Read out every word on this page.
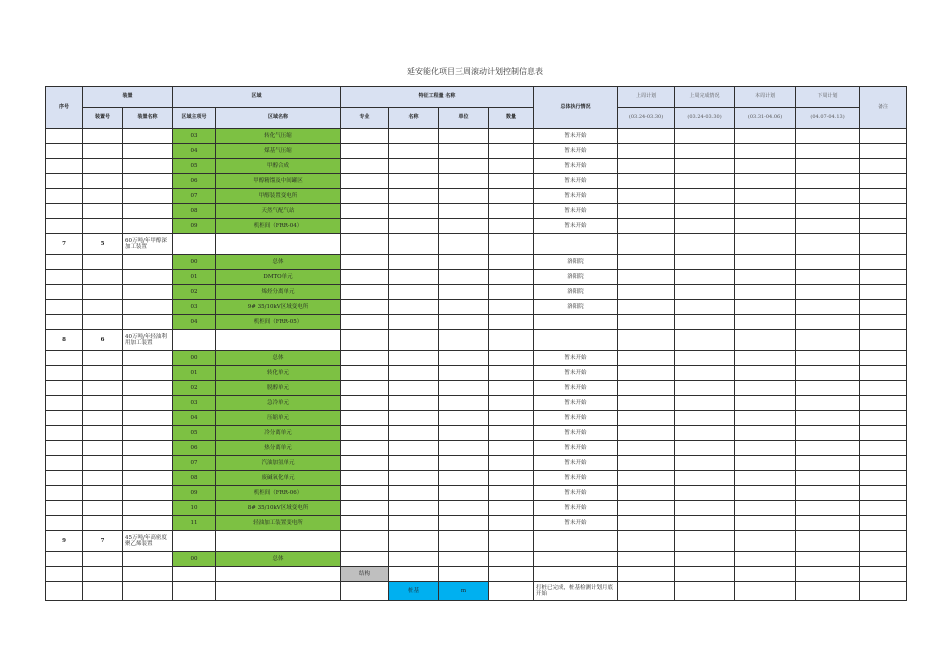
延安能化项目三周滚动计划控制信息表
序号	装置		区域		特征工程量 名称				总体执行情况	上周计划	上周完成情况	本周计划	下周计划	备注
	装置号	装置名称	区域主项号	区域名称	专业	名称	单位	数量		(03.24-03.30)	(03.24-03.30)	(03.31-04.06)	(04.07-04.13)	
			03	转化气压缩					暂未开始					
			04	煤基气压缩					暂未开始					
			05	甲醇合成					暂未开始					
			06	甲醇精馏及中间罐区					暂未开始					
			07	甲醇装置变电所					暂未开始					
			08	天然气配气站					暂未开始					
			09	机柜间（FRR-04）					暂未开始					
7	5	60万吨/年甲醇深加工装置												
			00	总体					洛阳院					
			01	DMTO单元					洛阳院					
			02	烯烃分离单元					洛阳院					
			03	9# 35/10kV区域变电所					洛阳院					
			04	机柜间（FRR-05）										
8	6	40万吨/年轻油利用加工装置												
			00	总体					暂未开始					
			01	转化单元					暂未开始					
			02	脱醇单元					暂未开始					
			03	急冷单元					暂未开始					
			04	压缩单元					暂未开始					
			05	冷分离单元					暂未开始					
			06	热分离单元					暂未开始					
			07	汽油加氢单元					暂未开始					
			08	废碱氧化单元					暂未开始					
			09	机柜间（FRR-06）					暂未开始					
			10	8# 35/10kV区域变电所					暂未开始					
			11	轻油加工装置变电所					暂未开始					
9	7	45万吨/年高密度聚乙烯装置												
			00	总体										
					结构									
						桩基	m		打桩已完成，桩基检测计划月底开始					
